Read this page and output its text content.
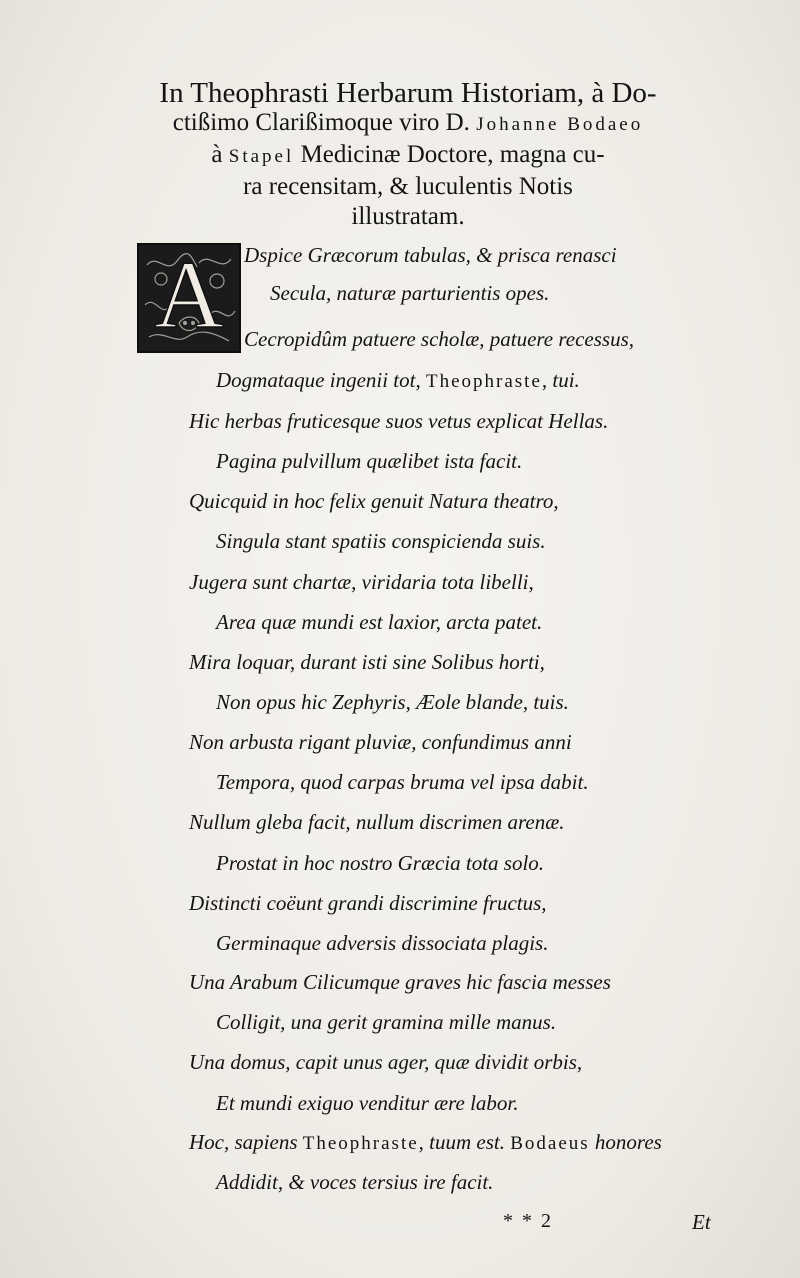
In Theophrasti Herbarum Historiam, à Do-
ctißimo Clarißimoque viro D. Johanne Bodaeo
à Stapel Medicinæ Doctore, magna cu-
ra recensitam, & luculentis Notis
illustratam.
A Dspice Græcorum tabulas, & prisca renasci
Secula, naturæ parturientis opes.
Cecropidûm patuere scholæ, patuere recessus,
Dogmataque ingenii tot, Theophraste, tui.
Hic herbas fruticesque suos vetus explicat Hellas.
Pagina pulvillum quælibet ista facit.
Quicquid in hoc felix genuit Natura theatro,
Singula stant spatiis conspicienda suis.
Jugera sunt chartæ, viridaria tota libelli,
Area quæ mundi est laxior, arcta patet.
Mira loquar, durant isti sine Solibus horti,
Non opus hic Zephyris, Æole blande, tuis.
Non arbusta rigant pluviæ, confundimus anni
Tempora, quod carpas bruma vel ipsa dabit.
Nullum gleba facit, nullum discrimen arenæ.
Prostat in hoc nostro Græcia tota solo.
Distincti coëunt grandi discrimine fructus,
Germinaque adversis dissociata plagis.
Una Arabum Cilicumque graves hic fascia messes
Colligit, una gerit gramina mille manus.
Una domus, capit unus ager, quæ dividit orbis,
Et mundi exiguo venditur ære labor.
Hoc, sapiens Theophraste, tuum est. Bodaeus honores
Addidit, & voces tersius ire facit.
* * 2	Et
